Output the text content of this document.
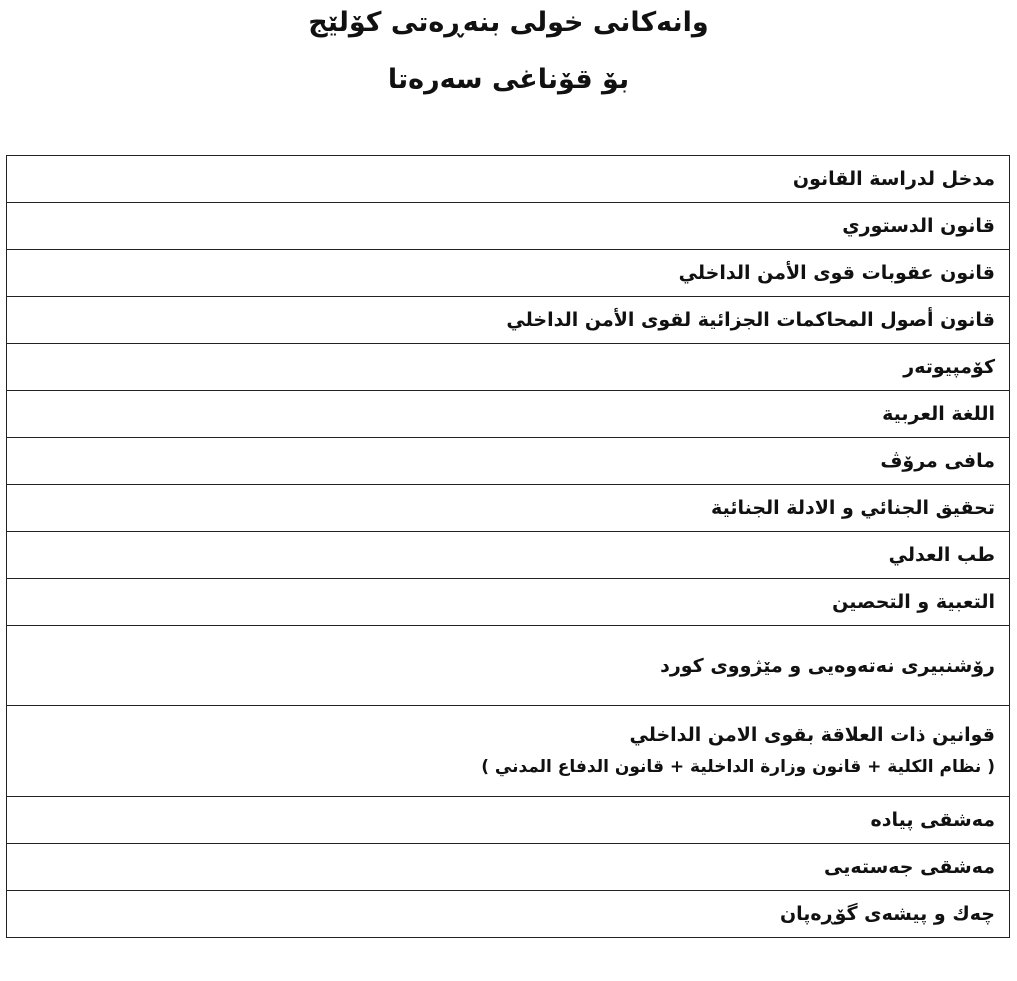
وانەكانى خولى بنەڕەتى كۆلێج
بۆ قۆناغى سەرەتا
مدخل لدراسة القانون
قانون الدستوري
قانون عقوبات قوى الأمن الداخلي
قانون أصول المحاكمات الجزائية لقوى الأمن الداخلي
كۆمپیوتەر
اللغة العربية
مافى مرۆڤ
تحقيق الجنائي و الادلة الجنائية
طب العدلي
التعبية و التحصين
رۆشنبیری نەتەوەیی و مێژووی كورد

قوانين ذات العلاقة بقوى الامن الداخلي
( نظام الكلية + قانون وزارة الداخلية + قانون الدفاع المدني )

مەشقى پیادە
مەشقى جەستەیی
چەك و پیشەی گۆڕەپان
